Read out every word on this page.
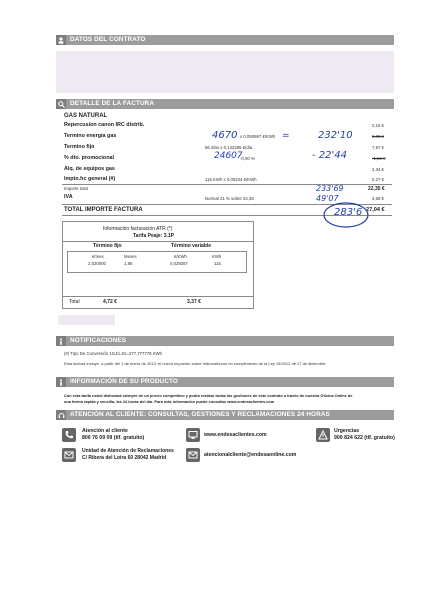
DATOS DEL CONTRATO
DETALLE DE LA FACTURA
GAS NATURAL
Repercusion canon IRC distrib.	2,15 €
Termino energía gas	x 0,050987 €/KWh	5,88 €
Termino fijo	56 días x 0,142295 €/día	7,97 €
% dto. promocional	-0,00 %	-1,64 €
Alq. de equipos gas	2,34 €
Impto.hc general (#)	115 KWh x 0,00234 €/KWh	0,27 €
Importe total	22,35 €
IVA	Normal 21 % sobre 22,35	4,69 €
TOTAL IMPORTE FACTURA	27,04 €
4670	=	232'10
24607	- 22'44
233'69
49'07
283'6
Información facturación ATR (*)
Tarifa Peaje: 3.1P
Término fijo	Término variable
€/mes	Meses	€/KWh	KWh
2,530000	1,86	0,029287	115
Total	4,72 €	3,37 €
NOTIFICACIONES
(#) Tipo De Conversión 1GJ/LJG=277,777778 KWh
Esta factura incluye, a partir del 1 de enero de 2013, el nuevo impuesto sobre hidrocarburos en cumplimiento de la Ley 15/2012 de 27 de diciembre.
INFORMACIÓN DE SU PRODUCTO
Con esta tarifa usted disfrutará siempre de un precio competitivo y podrá realizar todas las gestiones de este contrato a través de nuestra Oficina Online de
una forma rápida y sencilla, las 24 horas del día. Para más información puede consultar www.endesaclientes.com
ATENCIÓN AL CLIENTE: CONSULTAS, GESTIONES Y RECLAMACIONES 24 HORAS
Atención al cliente
800 76 09 09 (tlf. gratuito)	www.endesaclientes.com
Urgencias
900 824 622 (tlf. gratuito)
Unidad de Atención de Reclamaciones
C/ Ribera del Loira 60 28042 Madrid	atencionalcliente@endesaonline.com
